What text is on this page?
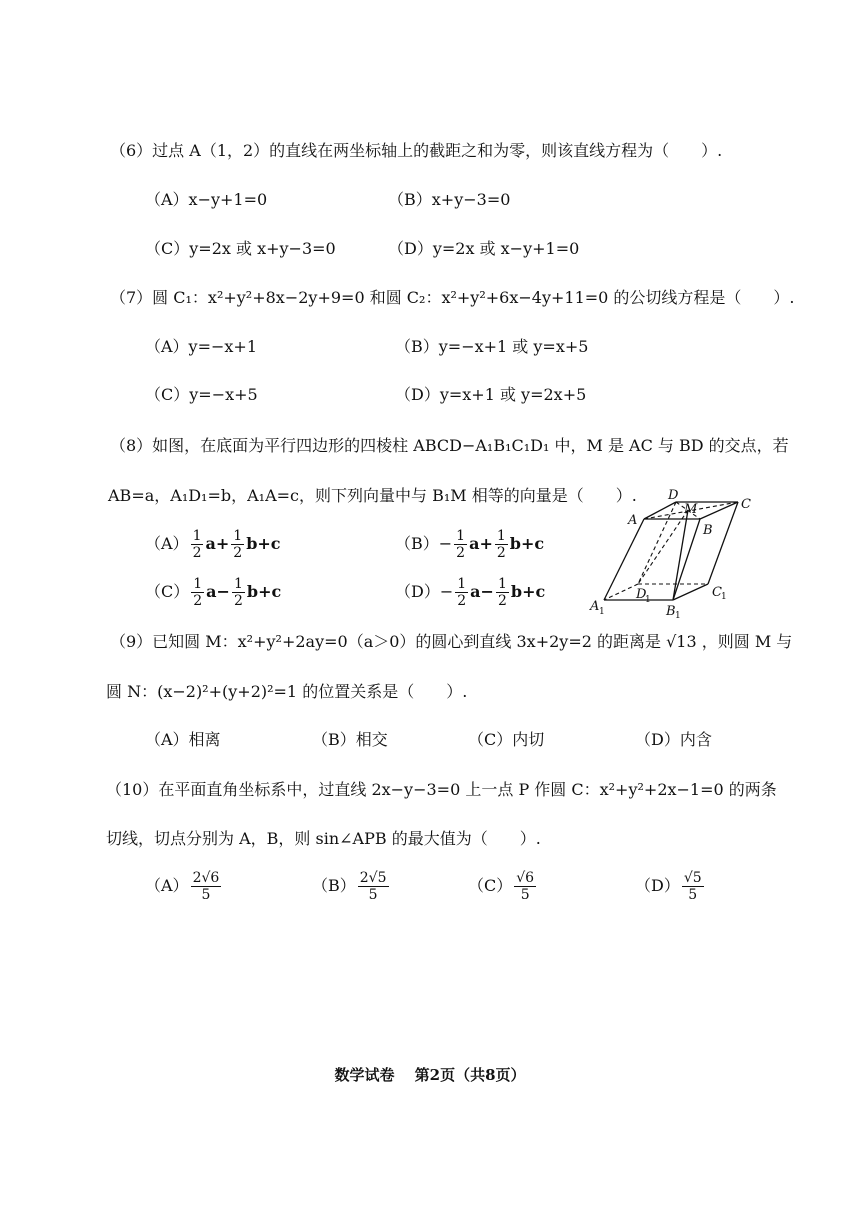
（6）过点 A（1，2）的直线在两坐标轴上的截距之和为零，则该直线方程为（　　）.
（A）x−y+1=0	（B）x+y−3=0
（C）y=2x 或 x+y−3=0	（D）y=2x 或 x−y+1=0
（7）圆 C₁：x²+y²+8x−2y+9=0 和圆 C₂：x²+y²+6x−4y+11=0 的公切线方程是（　　）.
（A）y=−x+1	（B）y=−x+1 或 y=x+5
（C）y=−x+5	（D）y=x+1 或 y=2x+5
（8）如图，在底面为平行四边形的四棱柱 ABCD−A₁B₁C₁D₁ 中，M 是 AC 与 BD 的交点，若
AB=a，A₁D₁=b，A₁A=c，则下列向量中与 B₁M 相等的向量是（　　）.
$(A) \frac{1}{2} a+ \frac{1}{2} b+c$	$(B)- \frac{1}{2} a+ \frac{1}{2} b+c$
$(C) \frac{1}{2} a- \frac{1}{2} b+c$	$(D)- \frac{1}{2} a- \frac{1}{2} b+c$
D
M	C
A
B
A 1
D
1
B 1
C 1
（9）已知圆 M：x²+y²+2ay=0（a＞0）的圆心到直线 3x+2y=2 的距离是 √13 ，则圆 M 与
圆 N：(x−2)²+(y+2)²=1 的位置关系是（　　）.
（A）相离	（B）相交	（C）内切	（D）内含
（10）在平面直角坐标系中，过直线 2x−y−3=0 上一点 P 作圆 C：x²+y²+2x−1=0 的两条
切线，切点分别为 A，B，则 sin∠APB 的最大值为（　　）.
$(A) \frac{2√6}{5}$	$(B) \frac{2√5}{5}$	$(C) \frac{√6}{5}$	$(D) \frac{√5}{5}$
数学试卷　 第2页（共8页）
